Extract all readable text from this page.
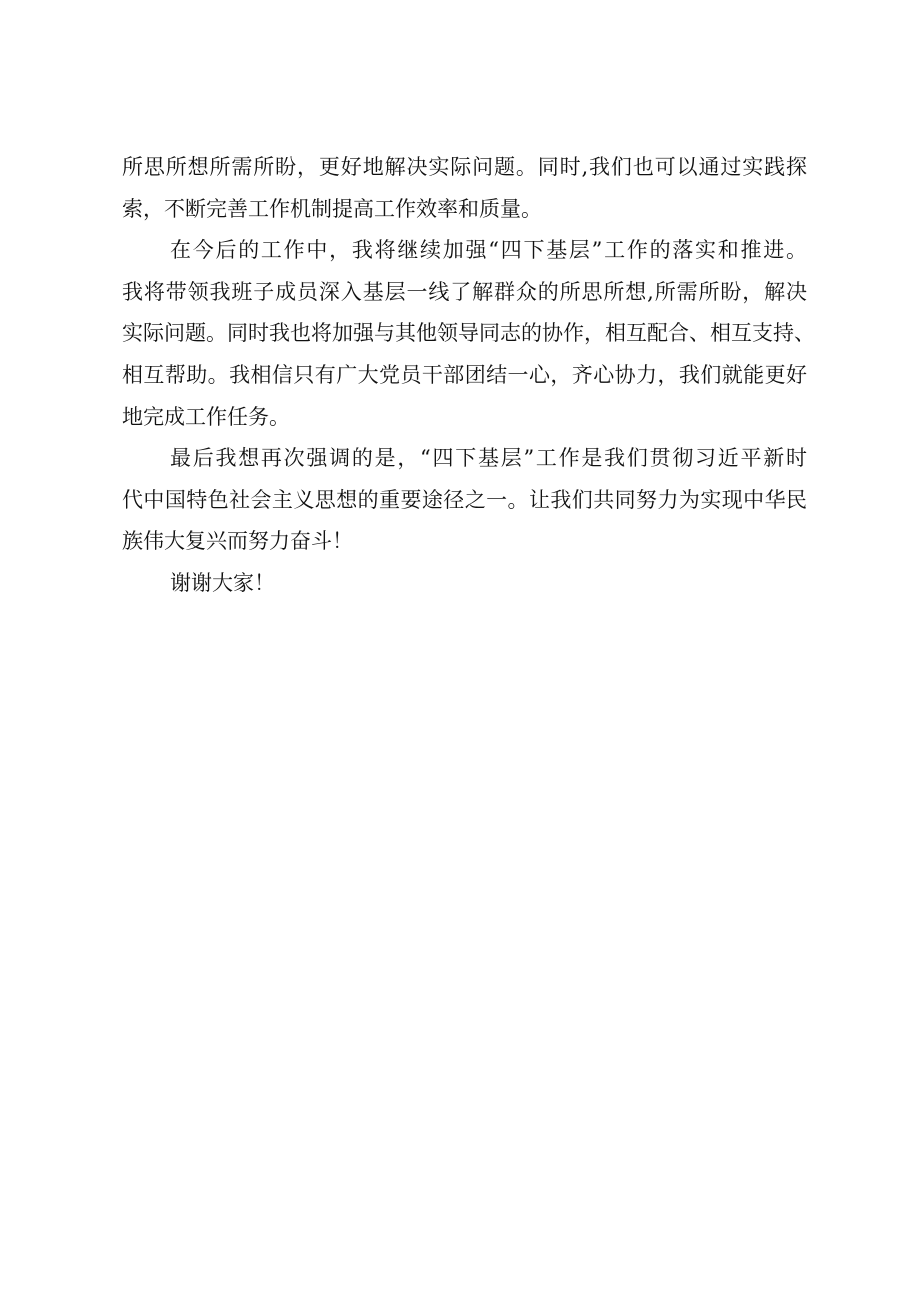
所思所想所需所盼，更好地解决实际问题。同时,我们也可以通过实践探
索，不断完善工作机制提高工作效率和质量。
在今后的工作中，我将继续加强“四下基层”工作的落实和推进。
我将带领我班子成员深入基层一线了解群众的所思所想,所需所盼，解决
实际问题。同时我也将加强与其他领导同志的协作，相互配合、相互支持、
相互帮助。我相信只有广大党员干部团结一心，齐心协力，我们就能更好
地完成工作任务。
最后我想再次强调的是，“四下基层”工作是我们贯彻习近平新时
代中国特色社会主义思想的重要途径之一。让我们共同努力为实现中华民
族伟大复兴而努力奋斗！
谢谢大家！
